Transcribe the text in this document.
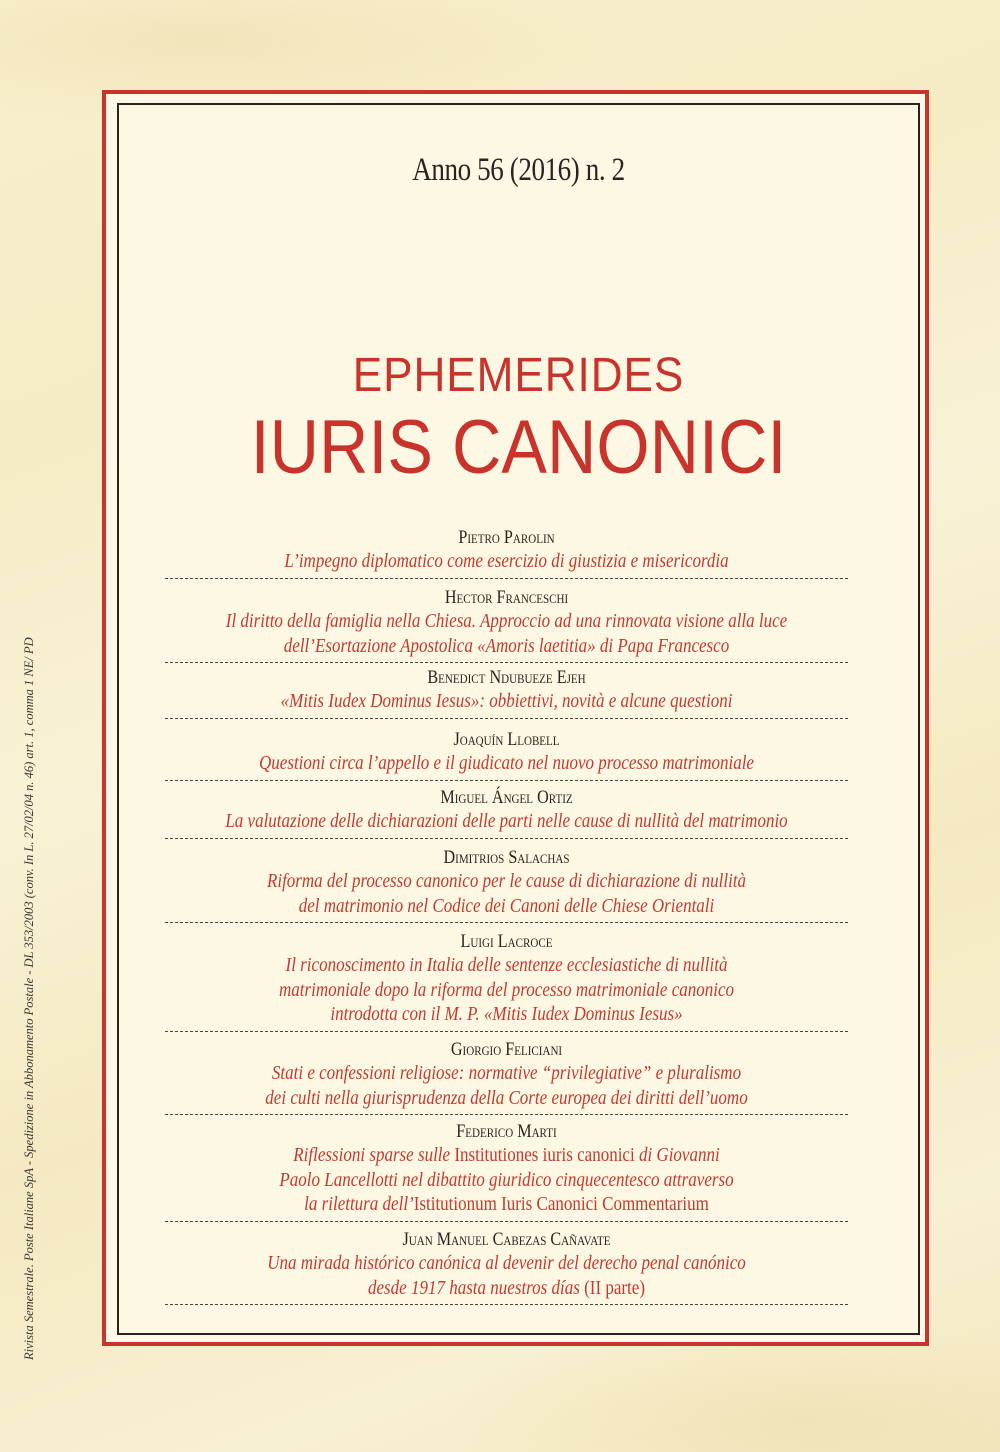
Anno 56 (2016) n. 2
EPHEMERIDES
IURIS CANONICI
Rivista Semestrale. Poste Italiane SpA - Spedizione in Abbonamento Postale - DL 353/2003 (conv. In L. 27/02/04 n. 46) art. 1, comma 1 NE/ PD
Pietro Parolin
L’impegno diplomatico come esercizio di giustizia e misericordia
Hector Franceschi
Il diritto della famiglia nella Chiesa. Approccio ad una rinnovata visione alla luce
dell’Esortazione Apostolica «Amoris laetitia» di Papa Francesco
Benedict Ndubueze Ejeh
«Mitis Iudex Dominus Iesus»: obbiettivi, novità e alcune questioni
Joaquín Llobell
Questioni circa l’appello e il giudicato nel nuovo processo matrimoniale
Miguel Ángel Ortiz
La valutazione delle dichiarazioni delle parti nelle cause di nullità del matrimonio
Dimitrios Salachas
Riforma del processo canonico per le cause di dichiarazione di nullità
del matrimonio nel Codice dei Canoni delle Chiese Orientali
Luigi Lacroce
Il riconoscimento in Italia delle sentenze ecclesiastiche di nullità
matrimoniale dopo la riforma del processo matrimoniale canonico
introdotta con il M. P. «Mitis Iudex Dominus Iesus»
Giorgio Feliciani
Stati e confessioni religiose: normative “privilegiative” e pluralismo
dei culti nella giurisprudenza della Corte europea dei diritti dell’uomo
Federico Marti
Riflessioni sparse sulle Institutiones iuris canonici di Giovanni
Paolo Lancellotti nel dibattito giuridico cinquecentesco attraverso
la rilettura dell’Istitutionum Iuris Canonici Commentarium
Juan Manuel Cabezas Cañavate
Una mirada histórico canónica al devenir del derecho penal canónico
desde 1917 hasta nuestros días (II parte)
